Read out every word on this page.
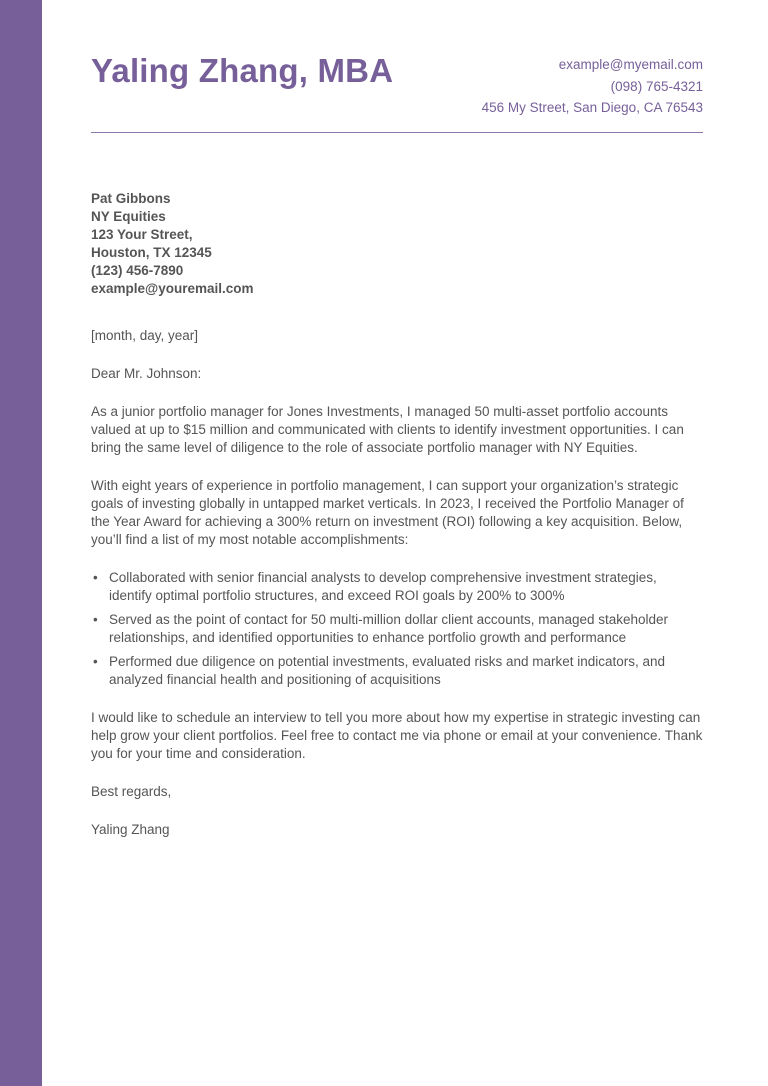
Yaling Zhang, MBA	example@myemail.com
(098) 765-4321
456 My Street, San Diego, CA 76543
Pat Gibbons
NY Equities
123 Your Street,
Houston, TX 12345
(123) 456-7890
example@youremail.com

[month, day, year]

Dear Mr. Johnson:

As a junior portfolio manager for Jones Investments, I managed 50 multi-asset portfolio accounts valued at up to $15 million and communicated with clients to identify investment opportunities. I can bring the same level of diligence to the role of associate portfolio manager with NY Equities.

With eight years of experience in portfolio management, I can support your organization’s strategic goals of investing globally in untapped market verticals. In 2023, I received the Portfolio Manager of the Year Award for achieving a 300% return on investment (ROI) following a key acquisition. Below, you’ll find a list of my most notable accomplishments:

• Collaborated with senior financial analysts to develop comprehensive investment strategies, identify optimal portfolio structures, and exceed ROI goals by 200% to 300%
• Served as the point of contact for 50 multi-million dollar client accounts, managed stakeholder relationships, and identified opportunities to enhance portfolio growth and performance
• Performed due diligence on potential investments, evaluated risks and market indicators, and analyzed financial health and positioning of acquisitions

I would like to schedule an interview to tell you more about how my expertise in strategic investing can help grow your client portfolios. Feel free to contact me via phone or email at your convenience. Thank you for your time and consideration.

Best regards,

Yaling Zhang
